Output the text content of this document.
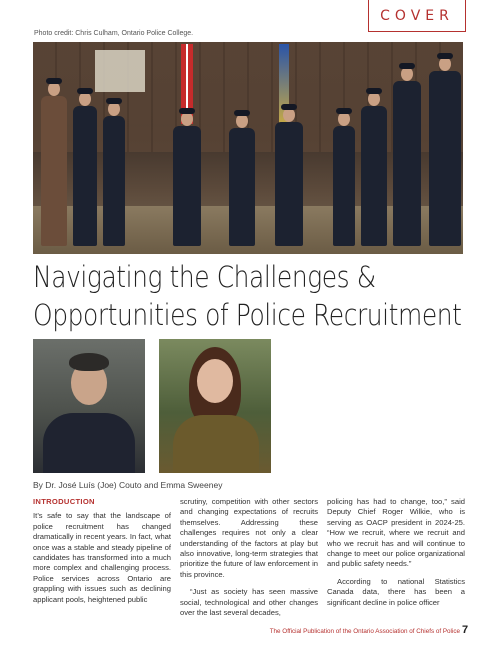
COVER
Photo credit: Chris Culham, Ontario Police College.
Navigating the Challenges & Opportunities of Police Recruitment
By Dr. José Luís (Joe) Couto and Emma Sweeney
INTRODUCTION

It’s safe to say that the landscape of police recruitment has changed dramatically in recent years. In fact, what once was a stable and steady pipeline of candidates has transformed into a much more complex and challenging process. Police services across Ontario are grappling with issues such as declining applicant pools, heightened public

scrutiny, competition with other sectors and changing expectations of recruits themselves. Addressing these challenges requires not only a clear understanding of the factors at play but also innovative, long-term strategies that prioritize the future of law enforcement in this province.

“Just as society has seen massive social, technological and other changes over the last several decades,

policing has had to change, too,” said Deputy Chief Roger Wilkie, who is serving as OACP president in 2024-25. “How we recruit, where we recruit and who we recruit has and will continue to change to meet our police organizational and public safety needs.”

According to national Statistics Canada data, there has been a significant decline in police officer

The Official Publication of the Ontario Association of Chiefs of Police 7
